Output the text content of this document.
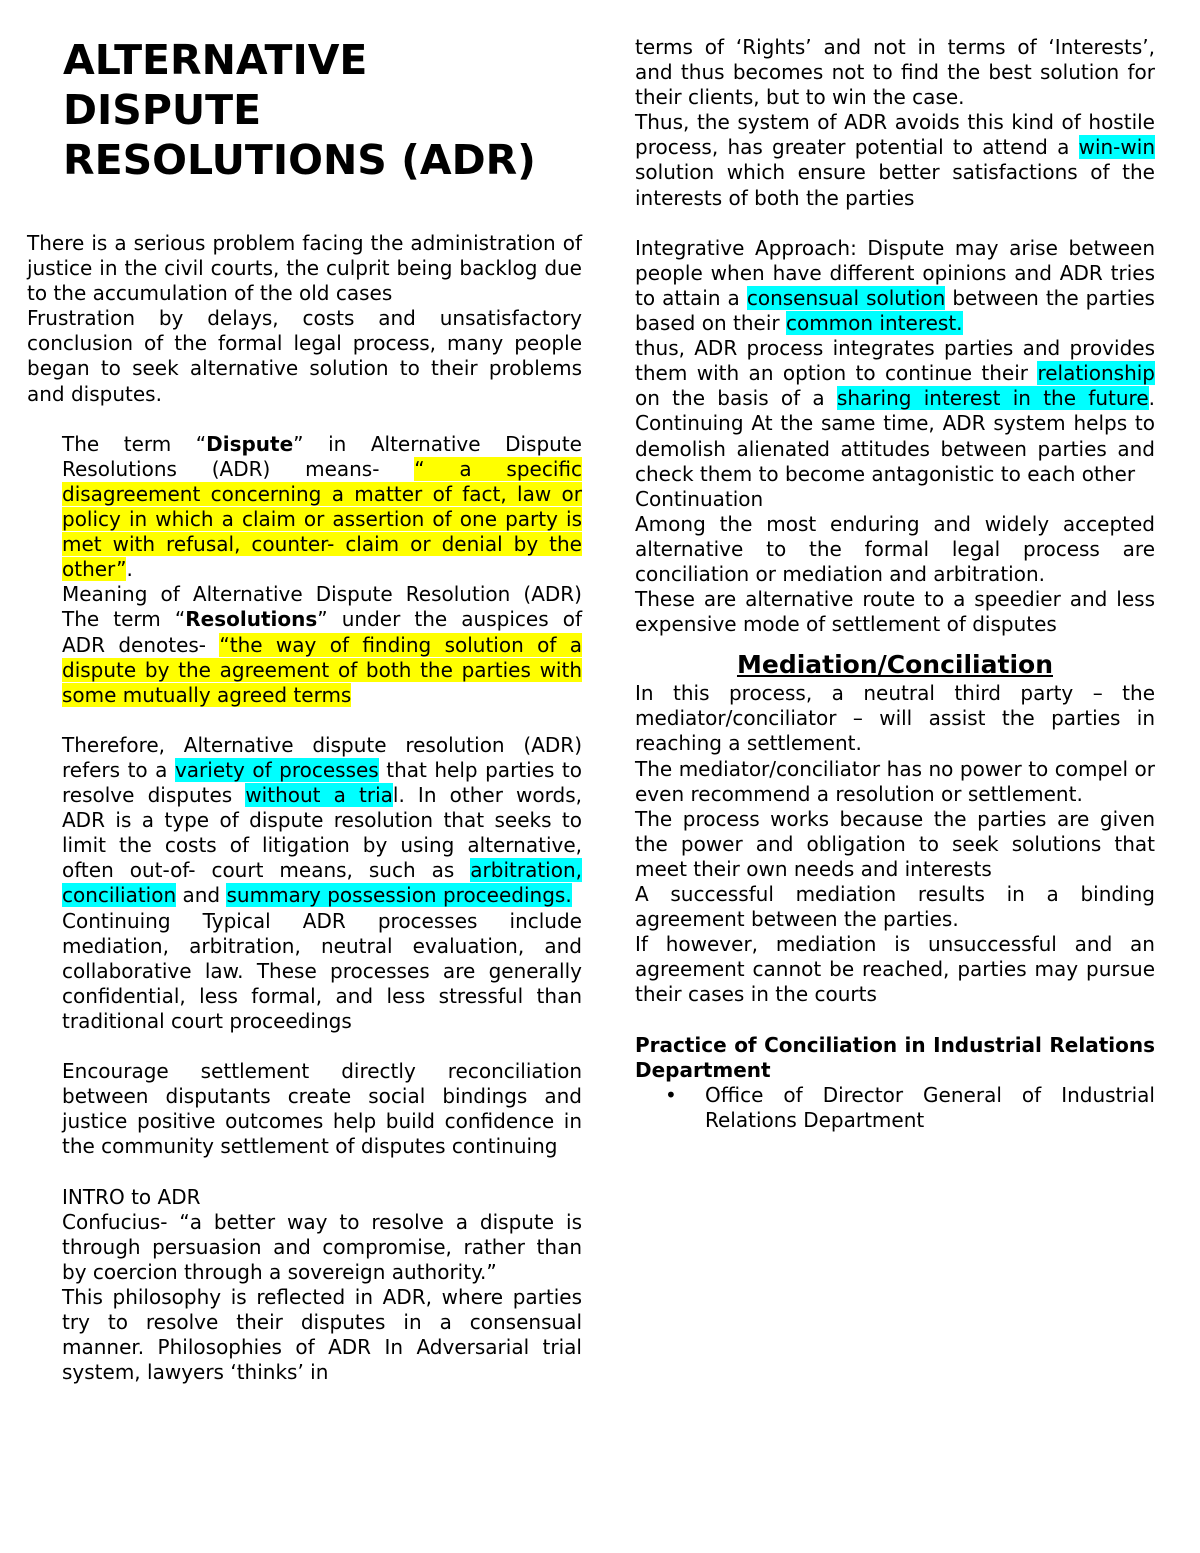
ALTERNATIVE
DISPUTE
RESOLUTIONS (ADR)

There is a serious problem facing the administration of justice in the civil courts, the culprit being backlog due to the accumulation of the old cases

Frustration by delays, costs and unsatisfactory conclusion of the formal legal process, many people began to seek alternative solution to their problems and disputes.

The term “Dispute” in Alternative Dispute Resolutions (ADR) means- “ a specific disagreement concerning a matter of fact, law or policy in which a claim or assertion of one party is met with refusal, counter- claim or denial by the other”.

Meaning of Alternative Dispute Resolution (ADR) The term “Resolutions” under the auspices of ADR denotes- “the way of finding solution of a dispute by the agreement of both the parties with some mutually agreed terms

Therefore, Alternative dispute resolution (ADR) refers to a variety of processes that help parties to resolve disputes without a trial. In other words, ADR is a type of dispute resolution that seeks to limit the costs of litigation by using alternative, often out-of- court means, such as arbitration, conciliation and summary possession proceedings.

Continuing Typical ADR processes include mediation, arbitration, neutral evaluation, and collaborative law. These processes are generally confidential, less formal, and less stressful than traditional court proceedings

Encourage settlement directly reconciliation between disputants create social bindings and justice positive outcomes help build confidence in the community settlement of disputes continuing

INTRO to ADR

Confucius- “a better way to resolve a dispute is through persuasion and compromise, rather than by coercion through a sovereign authority.”

This philosophy is reflected in ADR, where parties try to resolve their disputes in a consensual manner. Philosophies of ADR In Adversarial trial system, lawyers ‘thinks’ in

terms of ‘Rights’ and not in terms of ‘Interests’, and thus becomes not to find the best solution for their clients, but to win the case.

Thus, the system of ADR avoids this kind of hostile process, has greater potential to attend a win-win solution which ensure better satisfactions of the interests of both the parties

Integrative Approach: Dispute may arise between people when have different opinions and ADR tries to attain a consensual solution between the parties based on their common interest.

thus, ADR process integrates parties and provides them with an option to continue their relationship on the basis of a sharing interest in the future. Continuing At the same time, ADR system helps to demolish alienated attitudes between parties and check them to become antagonistic to each other

Continuation

Among the most enduring and widely accepted alternative to the formal legal process are conciliation or mediation and arbitration.

These are alternative route to a speedier and less expensive mode of settlement of disputes

Mediation/Conciliation

In this process, a neutral third party – the mediator/conciliator – will assist the parties in reaching a settlement.

The mediator/conciliator has no power to compel or even recommend a resolution or settlement.

The process works because the parties are given the power and obligation to seek solutions that meet their own needs and interests

A successful mediation results in a binding agreement between the parties.

If however, mediation is unsuccessful and an agreement cannot be reached, parties may pursue their cases in the courts

Practice of Conciliation in Industrial Relations Department

•	Office of Director General of Industrial Relations Department
